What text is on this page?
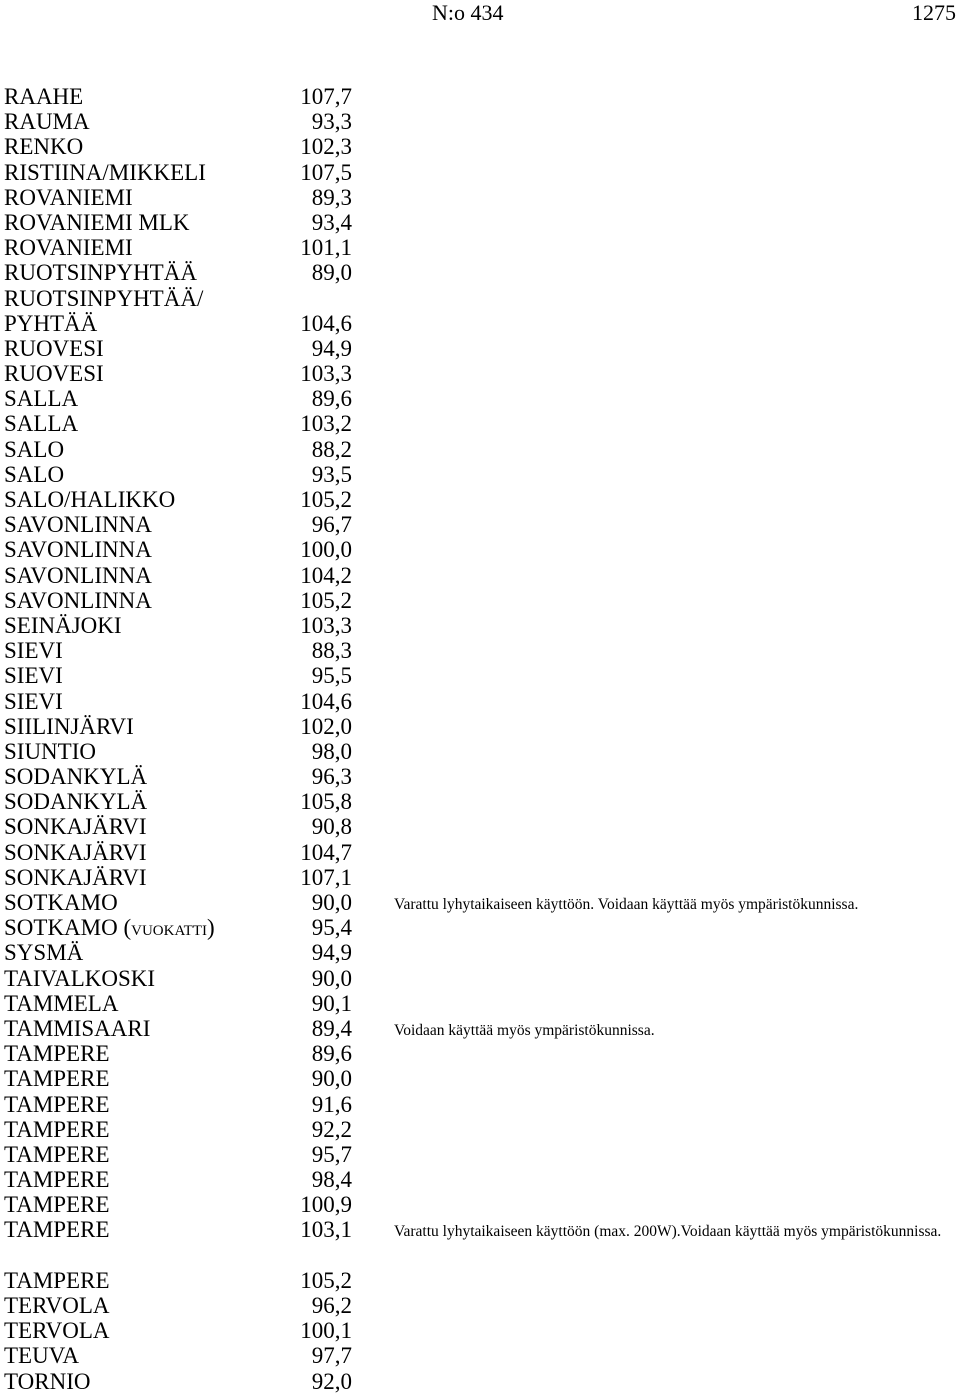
N:o 434	1275
RAAHE	107,7
RAUMA	93,3
RENKO	102,3
RISTIINA/MIKKELI	107,5
ROVANIEMI	89,3
ROVANIEMI MLK	93,4
ROVANIEMI	101,1
RUOTSINPYHTÄÄ	89,0
RUOTSINPYHTÄÄ/
PYHTÄÄ	104,6
RUOVESI	94,9
RUOVESI	103,3
SALLA	89,6
SALLA	103,2
SALO	88,2
SALO	93,5
SALO/HALIKKO	105,2
SAVONLINNA	96,7
SAVONLINNA	100,0
SAVONLINNA	104,2
SAVONLINNA	105,2
SEINÄJOKI	103,3
SIEVI	88,3
SIEVI	95,5
SIEVI	104,6
SIILINJÄRVI	102,0
SIUNTIO	98,0
SODANKYLÄ	96,3
SODANKYLÄ	105,8
SONKAJÄRVI	90,8
SONKAJÄRVI	104,7
SONKAJÄRVI	107,1
SOTKAMO	90,0	Varattu lyhytaikaiseen käyttöön. Voidaan käyttää myös ympäristökunnissa.
SOTKAMO (VUOKATTI)	95,4
SYSMÄ	94,9
TAIVALKOSKI	90,0
TAMMELA	90,1
TAMMISAARI	89,4	Voidaan käyttää myös ympäristökunnissa.
TAMPERE	89,6
TAMPERE	90,0
TAMPERE	91,6
TAMPERE	92,2
TAMPERE	95,7
TAMPERE	98,4
TAMPERE	100,9
TAMPERE	103,1	Varattu lyhytaikaiseen käyttöön (max. 200W).Voidaan käyttää myös ympäristökunnissa.
TAMPERE	105,2
TERVOLA	96,2
TERVOLA	100,1
TEUVA	97,7
TORNIO	92,0
